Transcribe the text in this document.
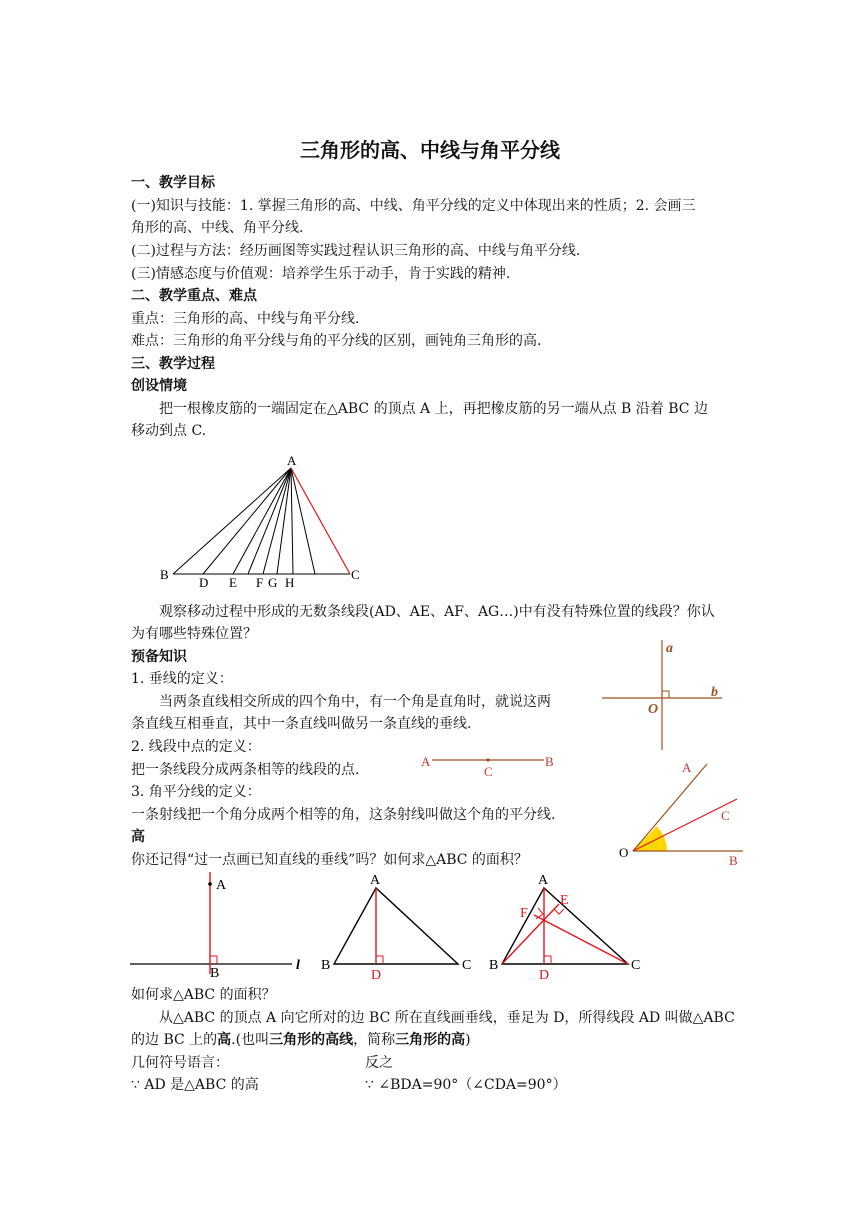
三角形的高、中线与角平分线
一、教学目标
(一)知识与技能：1. 掌握三角形的高、中线、角平分线的定义中体现出来的性质；2. 会画三
角形的高、中线、角平分线.
(二)过程与方法：经历画图等实践过程认识三角形的高、中线与角平分线.
(三)情感态度与价值观：培养学生乐于动手，肯于实践的精神.
二、教学重点、难点
重点：三角形的高、中线与角平分线.
难点：三角形的角平分线与角的平分线的区别，画钝角三角形的高.
三、教学过程
创设情境
把一根橡皮筋的一端固定在△ABC 的顶点 A 上，再把橡皮筋的另一端从点 B 沿着 BC 边
移动到点 C.
A
B	C
D E F G H
观察移动过程中形成的无数条线段(AD、AE、AF、AG…)中有没有特殊位置的线段？你认
为有哪些特殊位置？
预备知识
1. 垂线的定义：
当两条直线相交所成的四个角中，有一个角是直角时，就说这两
条直线互相垂直，其中一条直线叫做另一条直线的垂线.
2. 线段中点的定义：
把一条线段分成两条相等的线段的点.
3. 角平分线的定义：
一条射线把一个角分成两个相等的角，这条射线叫做这个角的平分线.
a
b
O
A
C
B	A
C
O
B
高
你还记得“过一点画已知直线的垂线”吗？如何求△ABC 的面积？
A
B
l
A
B	C
D
A
B	C
D
E
F
如何求△ABC 的面积？
从△ABC 的顶点 A 向它所对的边 BC 所在直线画垂线，垂足为 D，所得线段 AD 叫做△ABC
的边 BC 上的高.(也叫三角形的高线，简称三角形的高)
几何符号语言：	反之
∵ AD 是△ABC 的高	∵ ∠BDA=90°（∠CDA=90°）
